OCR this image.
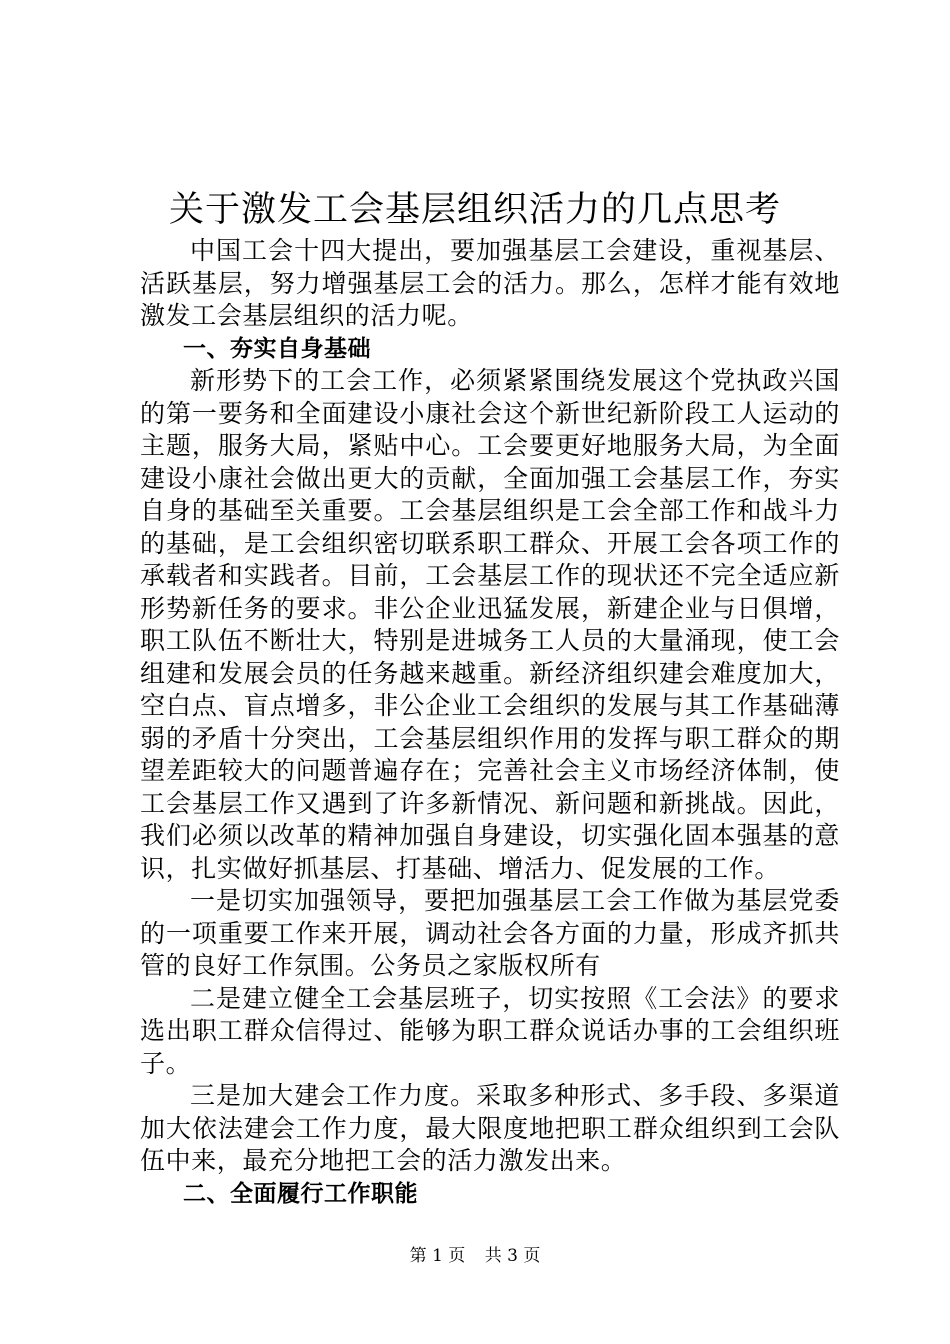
关于激发工会基层组织活力的几点思考

中国工会十四大提出，要加强基层工会建设，重视基层、活跃基层，努力增强基层工会的活力。那么，怎样才能有效地激发工会基层组织的活力呢。

一、夯实自身基础

新形势下的工会工作，必须紧紧围绕发展这个党执政兴国的第一要务和全面建设小康社会这个新世纪新阶段工人运动的主题，服务大局，紧贴中心。工会要更好地服务大局，为全面建设小康社会做出更大的贡献，全面加强工会基层工作，夯实自身的基础至关重要。工会基层组织是工会全部工作和战斗力的基础，是工会组织密切联系职工群众、开展工会各项工作的承载者和实践者。目前，工会基层工作的现状还不完全适应新形势新任务的要求。非公企业迅猛发展，新建企业与日俱增，职工队伍不断壮大，特别是进城务工人员的大量涌现，使工会组建和发展会员的任务越来越重。新经济组织建会难度加大，空白点、盲点增多，非公企业工会组织的发展与其工作基础薄弱的矛盾十分突出，工会基层组织作用的发挥与职工群众的期望差距较大的问题普遍存在；完善社会主义市场经济体制，使工会基层工作又遇到了许多新情况、新问题和新挑战。因此，我们必须以改革的精神加强自身建设，切实强化固本强基的意识，扎实做好抓基层、打基础、增活力、促发展的工作。

一是切实加强领导，要把加强基层工会工作做为基层党委的一项重要工作来开展，调动社会各方面的力量，形成齐抓共管的良好工作氛围。公务员之家版权所有

二是建立健全工会基层班子，切实按照《工会法》的要求选出职工群众信得过、能够为职工群众说话办事的工会组织班子。

三是加大建会工作力度。采取多种形式、多手段、多渠道加大依法建会工作力度，最大限度地把职工群众组织到工会队伍中来，最充分地把工会的活力激发出来。

二、全面履行工作职能
第 1 页 共 3 页
